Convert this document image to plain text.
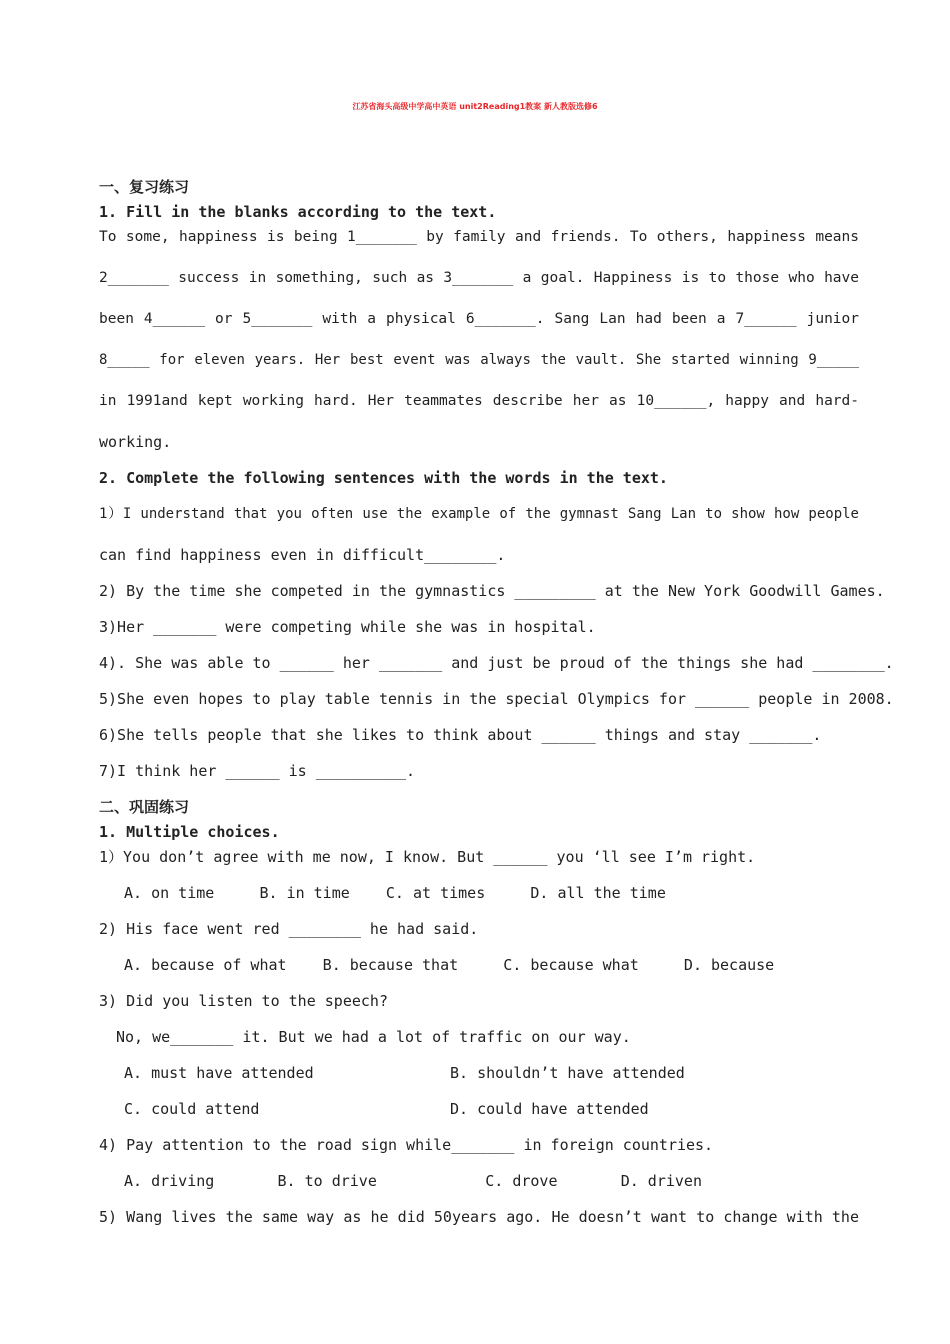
江苏省海头高级中学高中英语 unit2Reading1教案 新人教版选修6
一、复习练习
1. Fill in the blanks according to the text.
To some, happiness is being 1_______ by family and friends. To others, happiness means
2_______ success in something, such as 3_______ a goal. Happiness is to those who have
been 4______ or 5_______ with a physical 6_______. Sang Lan had been a 7______ junior
8_____ for eleven years. Her best event was always the vault. She started winning 9_____
in 1991and kept working hard. Her teammates describe her as 10______, happy and hard-
working.
2. Complete the following sentences with the words in the text.
1）I understand that you often use the example of the gymnast Sang Lan to show how people
can find happiness even in difficult________.
2) By the time she competed in the gymnastics _________ at the New York Goodwill Games.
3)Her _______ were competing while she was in hospital.
4). She was able to ______ her _______ and just be proud of the things she had ________.
5)She even hopes to play table tennis in the special Olympics for ______ people in 2008.
6)She tells people that she likes to think about ______ things and stay _______.
7)I think her ______ is __________.
二、巩固练习
1. Multiple choices.
1）You don’t agree with me now, I know. But ______ you ‘ll see I’m right.
A. on time     B. in time    C. at times     D. all the time
2) His face went red ________ he had said.
A. because of what    B. because that     C. because what     D. because
3) Did you listen to the speech?
No, we_______ it. But we had a lot of traffic on our way.
A. must have attended	B. shouldn’t have attended
C. could attend	D. could have attended
4) Pay attention to the road sign while_______ in foreign countries.
A. driving       B. to drive            C. drove       D. driven
5) Wang lives the same way as he did 50years ago. He doesn’t want to change with the
